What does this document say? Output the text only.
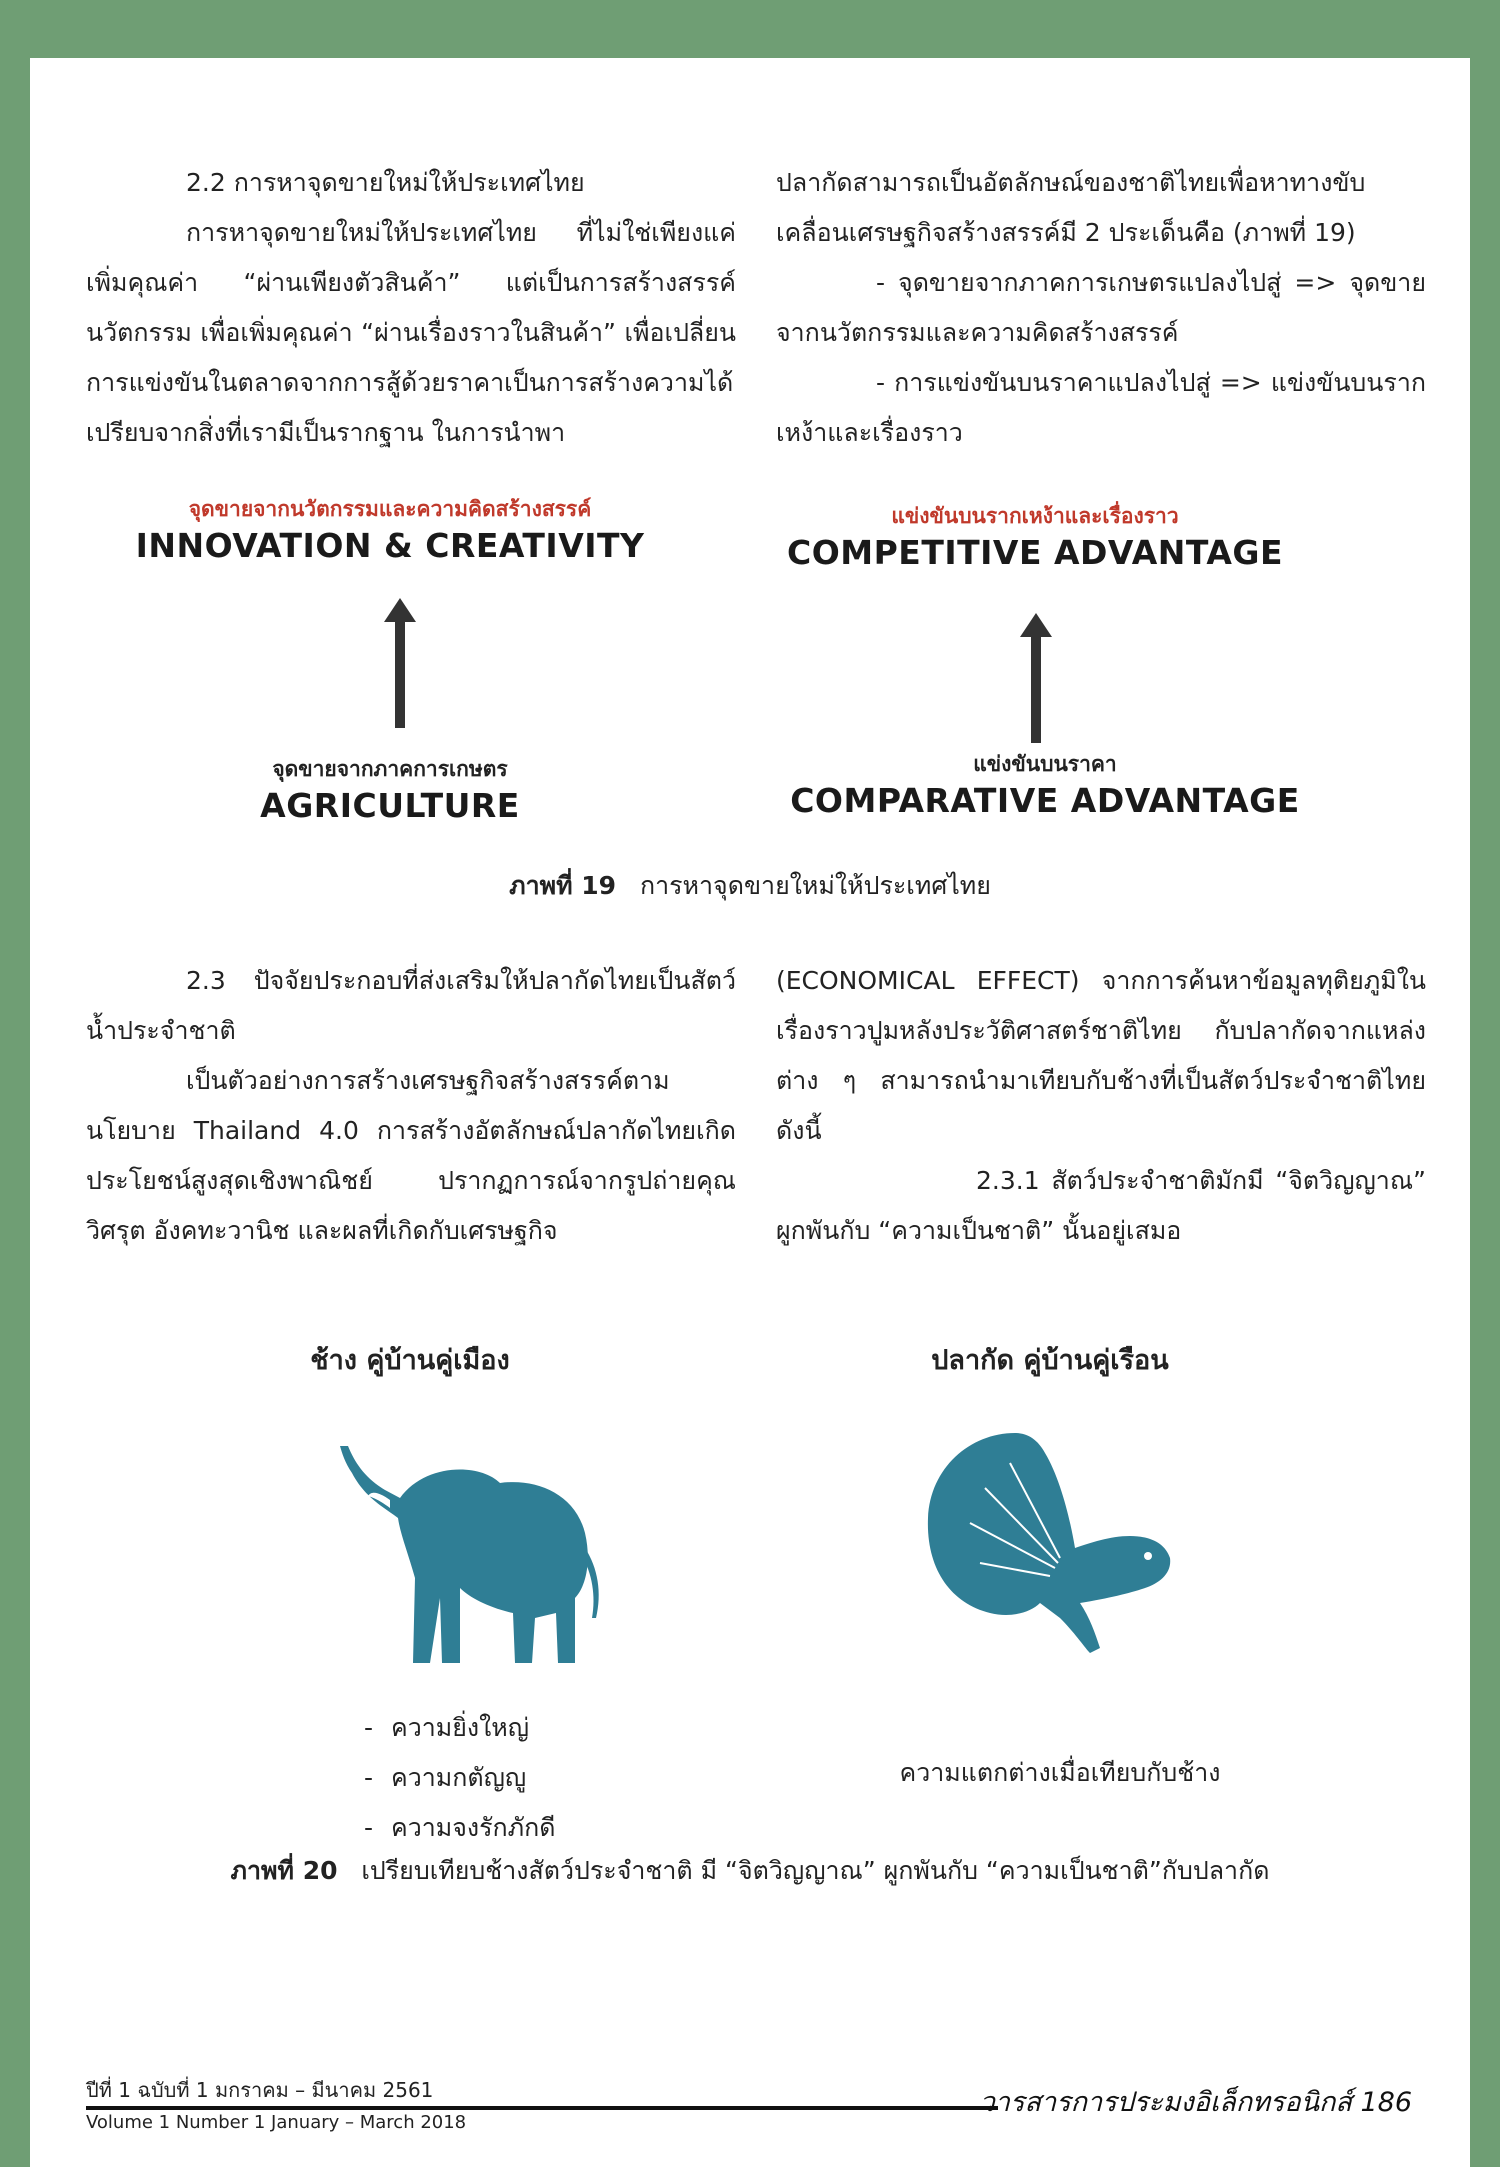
2.2 การหาจุดขายใหม่ให้ประเทศไทย

การหาจุดขายใหม่ให้ประเทศไทย ที่ไม่ใช่เพียงแค่เพิ่มคุณค่า “ผ่านเพียงตัวสินค้า” แต่เป็นการสร้างสรรค์นวัตกรรม เพื่อเพิ่มคุณค่า “ผ่านเรื่องราวในสินค้า” เพื่อเปลี่ยนการแข่งขันในตลาดจากการสู้ด้วยราคาเป็นการสร้างความได้เปรียบจากสิ่งที่เรามีเป็นรากฐาน ในการนำพา

ปลากัดสามารถเป็นอัตลักษณ์ของชาติไทยเพื่อหาทางขับเคลื่อนเศรษฐกิจสร้างสรรค์มี 2 ประเด็นคือ (ภาพที่ 19)

- จุดขายจากภาคการเกษตรแปลงไปสู่ => จุดขายจากนวัตกรรมและความคิดสร้างสรรค์

- การแข่งขันบนราคาแปลงไปสู่ => แข่งขันบนรากเหง้าและเรื่องราว

จุดขายจากนวัตกรรมและความคิดสร้างสรรค์
INNOVATION & CREATIVITY
จุดขายจากภาคการเกษตร
AGRICULTURE
แข่งขันบนรากเหง้าและเรื่องราว
COMPETITIVE ADVANTAGE
แข่งขันบนราคา
COMPARATIVE ADVANTAGE
ภาพที่ 19 การหาจุดขายใหม่ให้ประเทศไทย

2.3 ปัจจัยประกอบที่ส่งเสริมให้ปลากัดไทยเป็นสัตว์น้ำประจำชาติ

เป็นตัวอย่างการสร้างเศรษฐกิจสร้างสรรค์ตามนโยบาย Thailand 4.0 การสร้างอัตลักษณ์ปลากัดไทยเกิดประโยชน์สูงสุดเชิงพาณิชย์ ปรากฏการณ์จากรูปถ่ายคุณวิศรุต อังคทะวานิช และผลที่เกิดกับเศรษฐกิจ

(ECONOMICAL EFFECT) จากการค้นหาข้อมูลทุติยภูมิในเรื่องราวปูมหลังประวัติศาสตร์ชาติไทย กับปลากัดจากแหล่งต่าง ๆ สามารถนำมาเทียบกับช้างที่เป็นสัตว์ประจำชาติไทย ดังนี้

2.3.1 สัตว์ประจำชาติมักมี “จิตวิญญาณ” ผูกพันกับ “ความเป็นชาติ” นั้นอยู่เสมอ

ช้าง คู่บ้านคู่เมือง	ปลากัด คู่บ้านคู่เรือน
- ความยิ่งใหญ่
- ความกตัญญู
- ความจงรักภักดี
ความแตกต่างเมื่อเทียบกับช้าง
ภาพที่ 20 เปรียบเทียบช้างสัตว์ประจำชาติ มี “จิตวิญญาณ” ผูกพันกับ “ความเป็นชาติ”กับปลากัด
ปีที่ 1 ฉบับที่ 1 มกราคม – มีนาคม 2561
Volume 1 Number 1 January – March 2018
วารสารการประมงอิเล็กทรอนิกส์ 186
